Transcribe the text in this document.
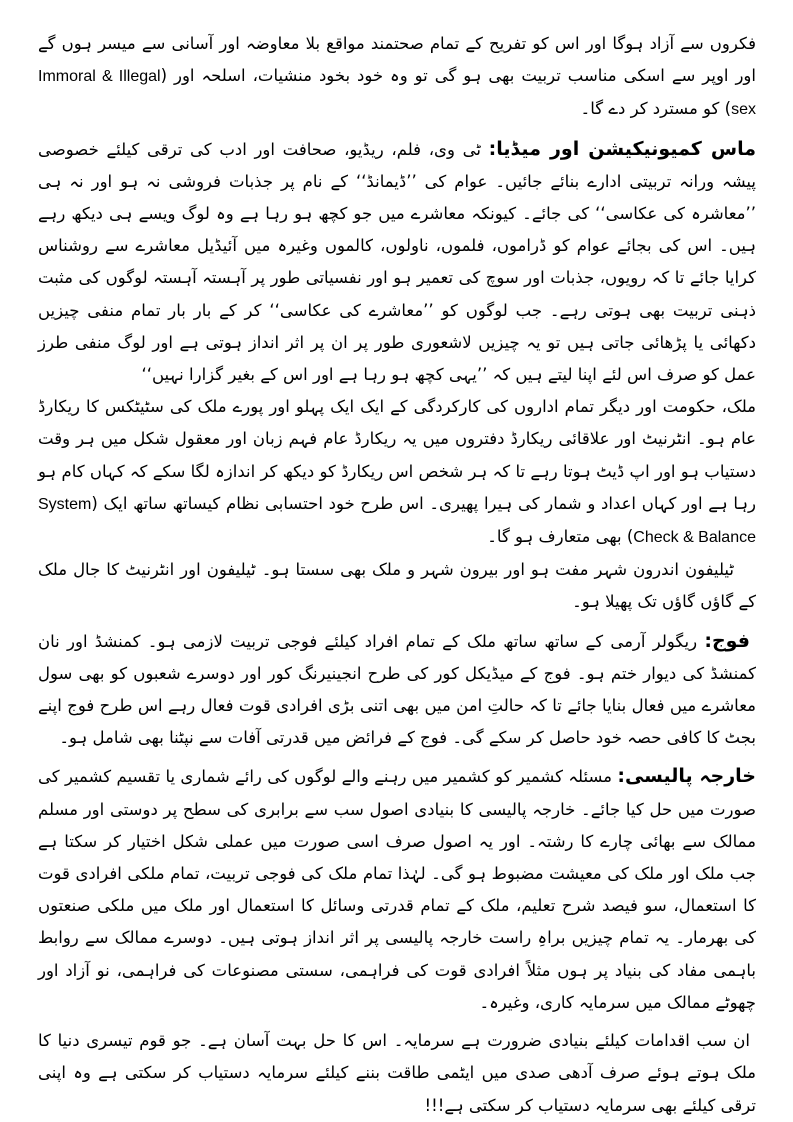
فکروں سے آزاد ہوگا اور اس کو تفریح کے تمام صحتمند مواقع بلا معاوضہ اور آسانی سے میسر ہوں گے اور اوپر سے اسکی مناسب تربیت بھی ہو گی تو وہ خود بخود منشیات، اسلحہ اور (Immoral & Illegal sex) کو مسترد کر دے گا۔

ماس کمیونیکیشن اور میڈیا: ٹی وی، فلم، ریڈیو، صحافت اور ادب کی ترقی کیلئے خصوصی پیشہ ورانہ تربیتی ادارے بنائے جائیں۔ عوام کی ’’ڈیمانڈ‘‘ کے نام پر جذبات فروشی نہ ہو اور نہ ہی ’’معاشرہ کی عکاسی‘‘ کی جائے۔ کیونکہ معاشرے میں جو کچھ ہو رہا ہے وہ لوگ ویسے ہی دیکھ رہے ہیں۔ اس کی بجائے عوام کو ڈراموں، فلموں، ناولوں، کالموں وغیرہ میں آئیڈیل معاشرے سے روشناس کرایا جائے تا کہ رویوں، جذبات اور سوچ کی تعمیر ہو اور نفسیاتی طور پر آہستہ آہستہ لوگوں کی مثبت ذہنی تربیت بھی ہوتی رہے۔ جب لوگوں کو ’’معاشرے کی عکاسی‘‘ کر کے بار بار تمام منفی چیزیں دکھائی یا پڑھائی جاتی ہیں تو یہ چیزیں لاشعوری طور پر ان پر اثر انداز ہوتی ہے اور لوگ منفی طرز عمل کو صرف اس لئے اپنا لیتے ہیں کہ ’’یہی کچھ ہو رہا ہے اور اس کے بغیر گزارا نہیں‘‘

ملک، حکومت اور دیگر تمام اداروں کی کارکردگی کے ایک ایک پہلو اور پورے ملک کی سٹیٹکس کا ریکارڈ عام ہو۔ انٹرنیٹ اور علاقائی ریکارڈ دفتروں میں یہ ریکارڈ عام فہم زبان اور معقول شکل میں ہر وقت دستیاب ہو اور اپ ڈیٹ ہوتا رہے تا کہ ہر شخص اس ریکارڈ کو دیکھ کر اندازہ لگا سکے کہ کہاں کام ہو رہا ہے اور کہاں اعداد و شمار کی ہیرا پھیری۔ اس طرح خود احتسابی نظام کیساتھ ساتھ ایک (System Check & Balance) بھی متعارف ہو گا۔

ٹیلیفون اندرون شہر مفت ہو اور بیرون شہر و ملک بھی سستا ہو۔ ٹیلیفون اور انٹرنیٹ کا جال ملک کے گاؤں گاؤں تک پھیلا ہو۔

فوج: ریگولر آرمی کے ساتھ ساتھ ملک کے تمام افراد کیلئے فوجی تربیت لازمی ہو۔ کمنشڈ اور نان کمنشڈ کی دیوار ختم ہو۔ فوج کے میڈیکل کور کی طرح انجینیرنگ کور اور دوسرے شعبوں کو بھی سول معاشرے میں فعال بنایا جائے تا کہ حالتِ امن میں بھی اتنی بڑی افرادی قوت فعال رہے اس طرح فوج اپنے بجٹ کا کافی حصہ خود حاصل کر سکے گی۔ فوج کے فرائض میں قدرتی آفات سے نپٹنا بھی شامل ہو۔

خارجہ پالیسی: مسئلہ کشمیر کو کشمیر میں رہنے والے لوگوں کی رائے شماری یا تقسیم کشمیر کی صورت میں حل کیا جائے۔ خارجہ پالیسی کا بنیادی اصول سب سے برابری کی سطح پر دوستی اور مسلم ممالک سے بھائی چارے کا رشتہ۔ اور یہ اصول صرف اسی صورت میں عملی شکل اختیار کر سکتا ہے جب ملک اور ملک کی معیشت مضبوط ہو گی۔ لہٰذا تمام ملک کی فوجی تربیت، تمام ملکی افرادی قوت کا استعمال، سو فیصد شرح تعلیم، ملک کے تمام قدرتی وسائل کا استعمال اور ملک میں ملکی صنعتوں کی بھرمار۔ یہ تمام چیزیں براہِ راست خارجہ پالیسی پر اثر انداز ہوتی ہیں۔ دوسرے ممالک سے روابط باہمی مفاد کی بنیاد پر ہوں مثلاً افرادی قوت کی فراہمی، سستی مصنوعات کی فراہمی، نو آزاد اور چھوٹے ممالک میں سرمایہ کاری، وغیرہ۔

ان سب اقدامات کیلئے بنیادی ضرورت ہے سرمایہ۔ اس کا حل بہت آسان ہے۔ جو قوم تیسری دنیا کا ملک ہوتے ہوئے صرف آدھی صدی میں ایٹمی طاقت بننے کیلئے سرمایہ دستیاب کر سکتی ہے وہ اپنی ترقی کیلئے بھی سرمایہ دستیاب کر سکتی ہے!!!
